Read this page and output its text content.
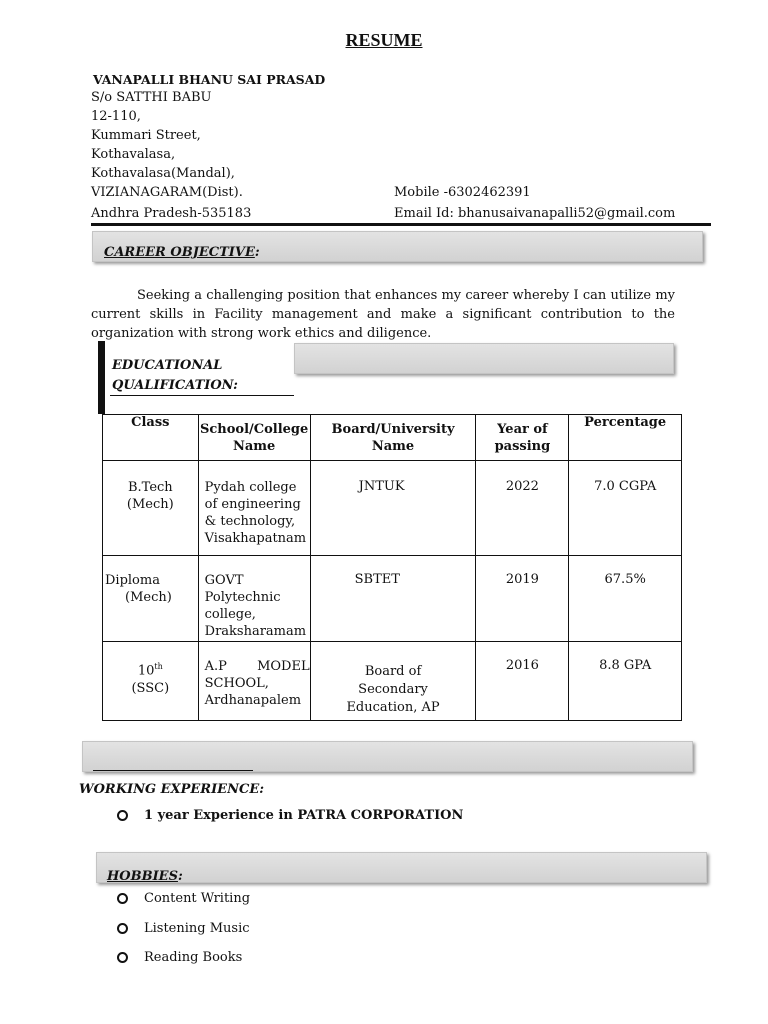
RESUME
VANAPALLI BHANU SAI PRASAD
S/o SATTHI BABU
12-110,
Kummari Street,
Kothavalasa,
Kothavalasa(Mandal),
VIZIANAGARAM(Dist).
Andhra Pradesh-535183
Mobile -6302462391
Email Id: bhanusaivanapalli52@gmail.com
CAREER OBJECTIVE:
Seeking a challenging position that enhances my career whereby I can utilize my current skills in Facility management and make a significant contribution to the organization with strong work ethics and diligence.
EDUCATIONAL
QUALIFICATION:
Class	School/College Name	Board/University Name	Year of passing	Percentage

B.Tech
(Mech)	Pydah college of engineering & technology, Visakhapatnam	JNTUK	2022	7.0 CGPA

Diploma
(Mech)	GOVT Polytechnic college, Draksharamam	SBTET	2019	67.5%

10th
(SSC)	A.P MODEL SCHOOL, Ardhanapalem	Board of Secondary Education, AP	2016	8.8 GPA
WORKING EXPERIENCE:
1 year Experience in PATRA CORPORATION
HOBBIES:
Content Writing
Listening Music
Reading Books
